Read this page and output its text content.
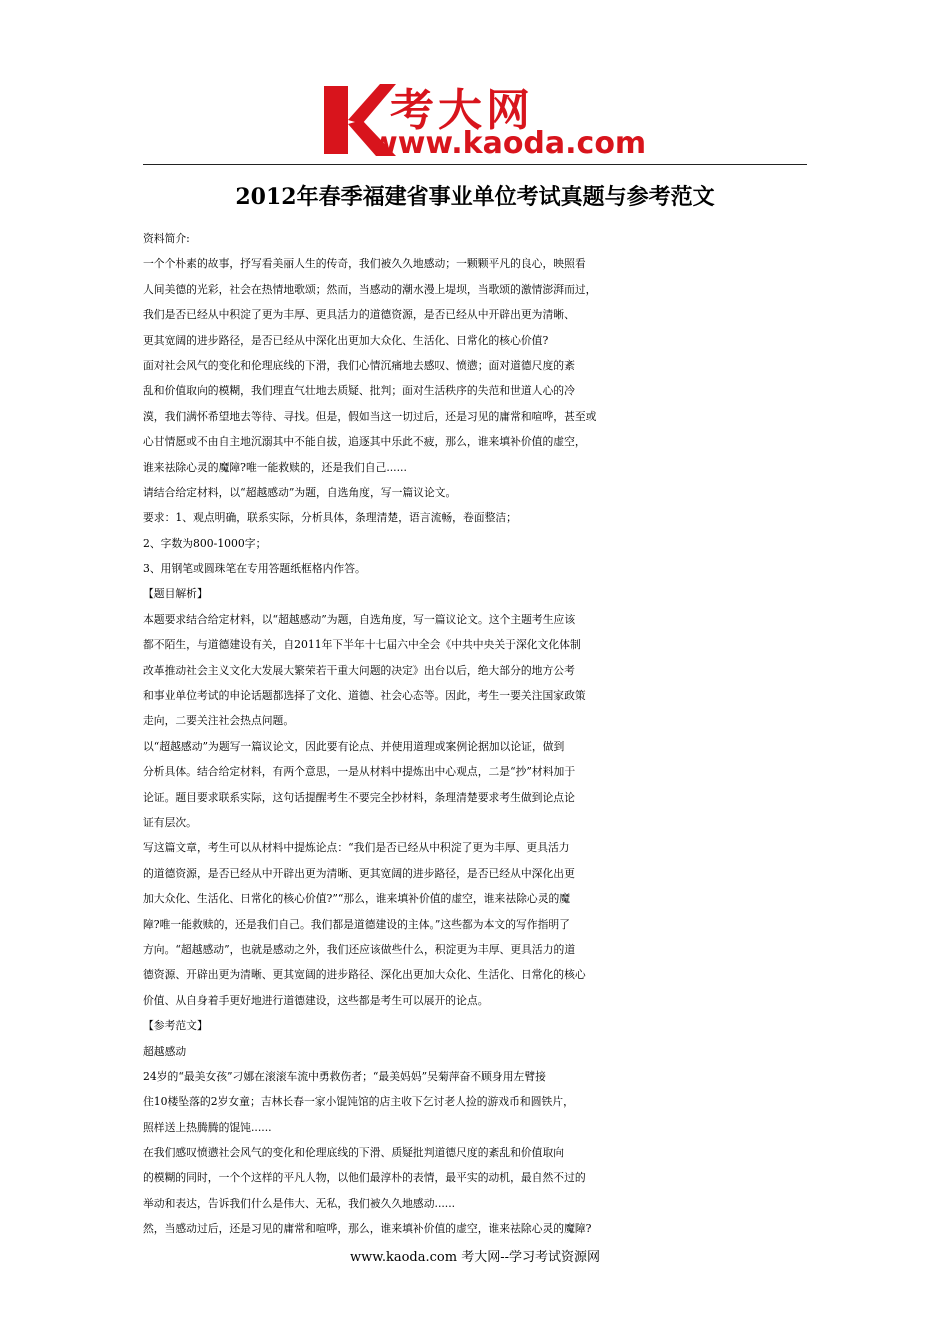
考大网
www.kaoda.com
2012年春季福建省事业单位考试真题与参考范文

资料简介:

一个个朴素的故事，抒写看美丽人生的传奇，我们被久久地感动；一颗颗平凡的良心，映照看

人间美德的光彩，社会在热情地歌颂；然而，当感动的潮水漫上堤坝，当歌颂的激情澎湃而过，

我们是否已经从中积淀了更为丰厚、更具活力的道德资源，是否已经从中开辟出更为清晰、

更其宽阔的进步路径，是否已经从中深化出更加大众化、生活化、日常化的核心价值?

面对社会风气的变化和伦理底线的下滑，我们心情沉痛地去感叹、愤懑；面对道德尺度的紊

乱和价值取向的模糊，我们理直气壮地去质疑、批判；面对生活秩序的失范和世道人心的冷

漠，我们满怀希望地去等待、寻找。但是，假如当这一切过后，还是习见的庸常和喧哗，甚至或

心甘情愿或不由自主地沉溺其中不能自拔，追逐其中乐此不疲，那么，谁来填补价值的虚空，

谁来祛除心灵的魔障?唯一能救赎的，还是我们自己......

请结合给定材料，以“超越感动”为题，自选角度，写一篇议论文。

要求：1、观点明确，联系实际，分析具体，条理清楚，语言流畅，卷面整洁；

2、字数为800-1000字；

3、用钢笔或圆珠笔在专用答题纸框格内作答。

【题目解析】

本题要求结合给定材料，以“超越感动”为题，自选角度，写一篇议论文。这个主题考生应该

都不陌生，与道德建设有关，自2011年下半年十七届六中全会《中共中央关于深化文化体制

改革推动社会主义文化大发展大繁荣若干重大问题的决定》出台以后，绝大部分的地方公考

和事业单位考试的申论话题都选择了文化、道德、社会心态等。因此，考生一要关注国家政策

走向，二要关注社会热点问题。

以“超越感动”为题写一篇议论文，因此要有论点、并使用道理或案例论据加以论证，做到

分析具体。结合给定材料，有两个意思，一是从材料中提炼出中心观点，二是“抄”材料加于

论证。题目要求联系实际，这句话提醒考生不要完全抄材料，条理清楚要求考生做到论点论

证有层次。

写这篇文章，考生可以从材料中提炼论点：“我们是否已经从中积淀了更为丰厚、更具活力

的道德资源，是否已经从中开辟出更为清晰、更其宽阔的进步路径，是否已经从中深化出更

加大众化、生活化、日常化的核心价值?”“那么，谁来填补价值的虚空，谁来祛除心灵的魔

障?唯一能救赎的，还是我们自己。我们都是道德建设的主体。”这些都为本文的写作指明了

方向。“超越感动”，也就是感动之外，我们还应该做些什么，积淀更为丰厚、更具活力的道

德资源、开辟出更为清晰、更其宽阔的进步路径、深化出更加大众化、生活化、日常化的核心

价值、从自身着手更好地进行道德建设，这些都是考生可以展开的论点。

【参考范文】

超越感动

24岁的“最美女孩”刁娜在滚滚车流中勇救伤者；“最美妈妈”吴菊萍奋不顾身用左臂接

住10楼坠落的2岁女童；吉林长春一家小馄饨馆的店主收下乞讨老人捡的游戏币和圆铁片，

照样送上热腾腾的馄饨......

在我们感叹愤懑社会风气的变化和伦理底线的下滑、质疑批判道德尺度的紊乱和价值取向

的模糊的同时，一个个这样的平凡人物，以他们最淳朴的表情，最平实的动机，最自然不过的

举动和表达，告诉我们什么是伟大、无私，我们被久久地感动......

然，当感动过后，还是习见的庸常和喧哗，那么，谁来填补价值的虚空，谁来祛除心灵的魔障?

www.kaoda.com 考大网--学习考试资源网
